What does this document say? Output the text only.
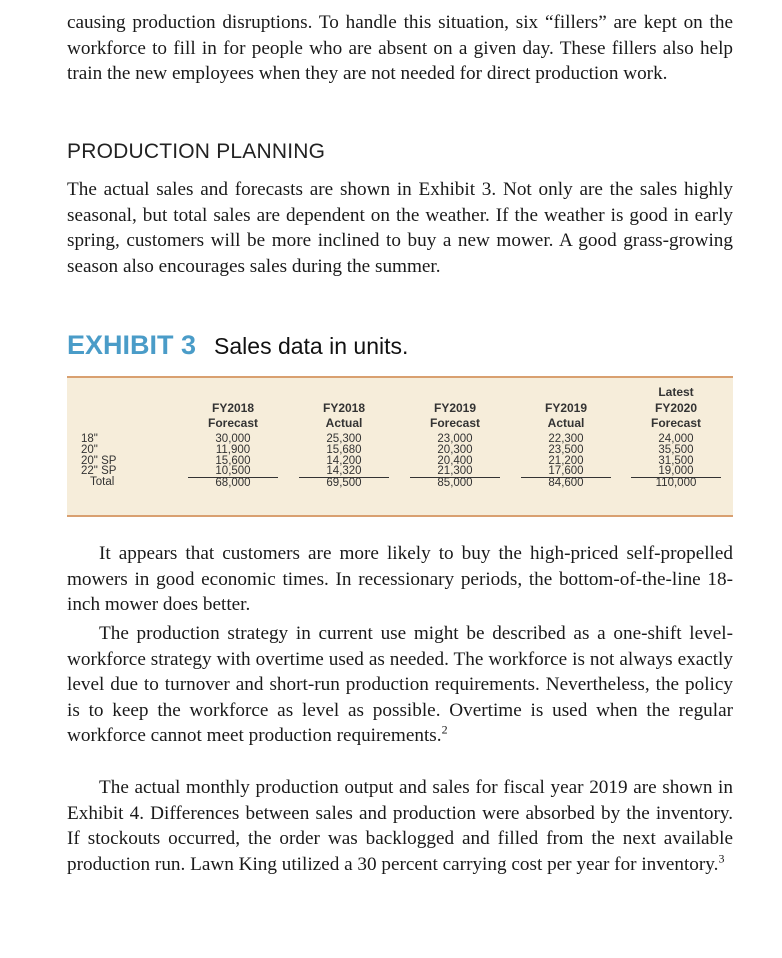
causing production disruptions. To handle this situation, six “fillers” are kept on the workforce to fill in for people who are absent on a given day. These fillers also help train the new employees when they are not needed for direct production work.

PRODUCTION PLANNING

The actual sales and forecasts are shown in Exhibit 3. Not only are the sales highly seasonal, but total sales are dependent on the weather. If the weather is good in early spring, customers will be more inclined to buy a new mower. A good grass-growing season also encourages sales during the summer.

EXHIBIT 3 Sales data in units.
18"
20"
20" SP
22" SP
Total

FY2018
Forecast
30,000
11,900
15,600
10,500
68,000

FY2018
Actual
25,300
15,680
14,200
14,320
69,500

FY2019
Forecast
23,000
20,300
20,400
21,300
85,000

FY2019
Actual
22,300
23,500
21,200
17,600
84,600
Latest
FY2020
Forecast
24,000
35,500
31,500
19,000
110,000

It appears that customers are more likely to buy the high-priced self-propelled mowers in good economic times. In recessionary periods, the bottom-of-the-line 18-inch mower does better.

The production strategy in current use might be described as a one-shift level-workforce strategy with overtime used as needed. The workforce is not always exactly level due to turnover and short-run production requirements. Nevertheless, the policy is to keep the workforce as level as possible. Overtime is used when the regular workforce cannot meet production requirements.$^2$

The actual monthly production output and sales for fiscal year 2019 are shown in Exhibit 4. Differences between sales and production were absorbed by the inventory. If stockouts occurred, the order was backlogged and filled from the next available production run. Lawn King utilized a 30 percent carrying cost per year for inventory.$^3$
